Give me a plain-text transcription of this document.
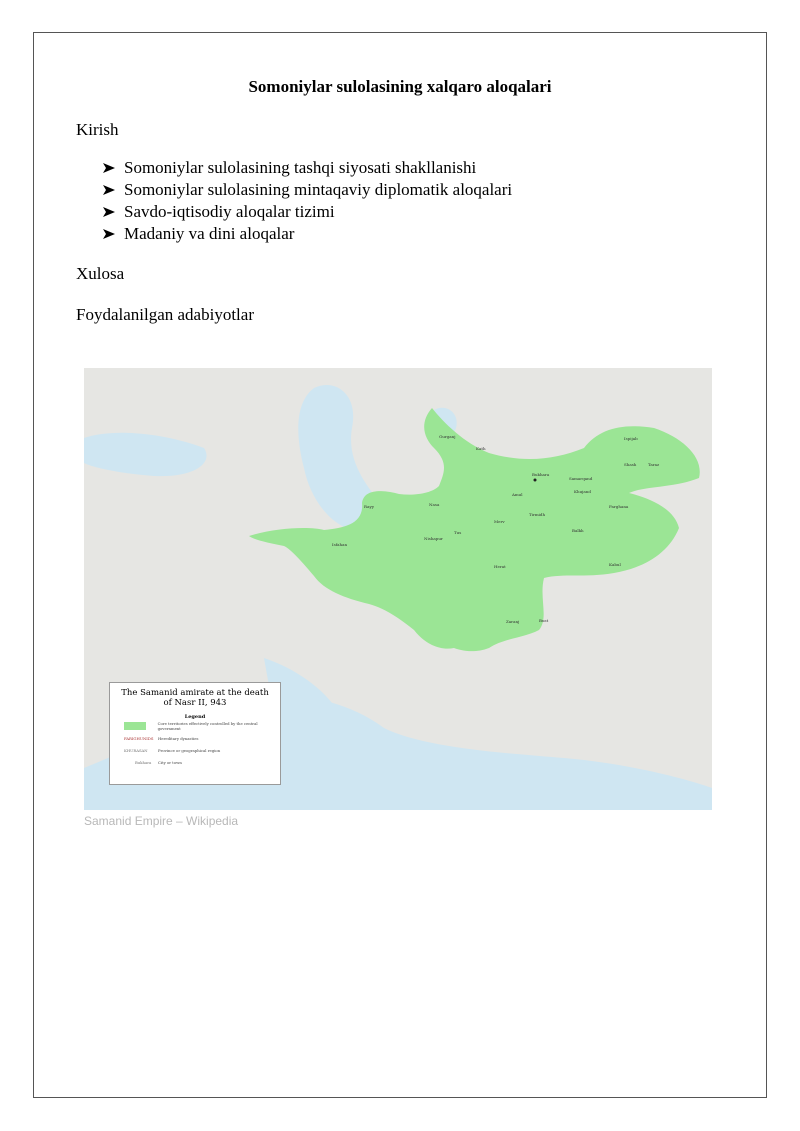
Somoniylar sulolasining xalqaro aloqalari
Kirish
Somoniylar sulolasining tashqi siyosati shakllanishi
Somoniylar sulolasining mintaqaviy diplomatik aloqalari
Savdo-iqtisodiy aloqalar tizimi
Madaniy va dini aloqalar
Xulosa
Foydalanilgan adabiyotlar
Gurganj
Kath
Bukhara
Samarqand
Amul
Merv
Nishapur
Tus
Herat
Balkh
Nasa
Rayy
Isfahan
Zaranj	Bust
Kabul
Ispijab
Taraz
Shash
Farghana
Khujand
Tirmidh
The Samanid amirate at the death of Nasr II, 943
Legend
Core territories effectively controlled by the central government
FARIGHUNIDS Hereditary dynasties
KHURASAN	Province or geographical region
Bukhara City or town
Samanid Empire – Wikipedia
